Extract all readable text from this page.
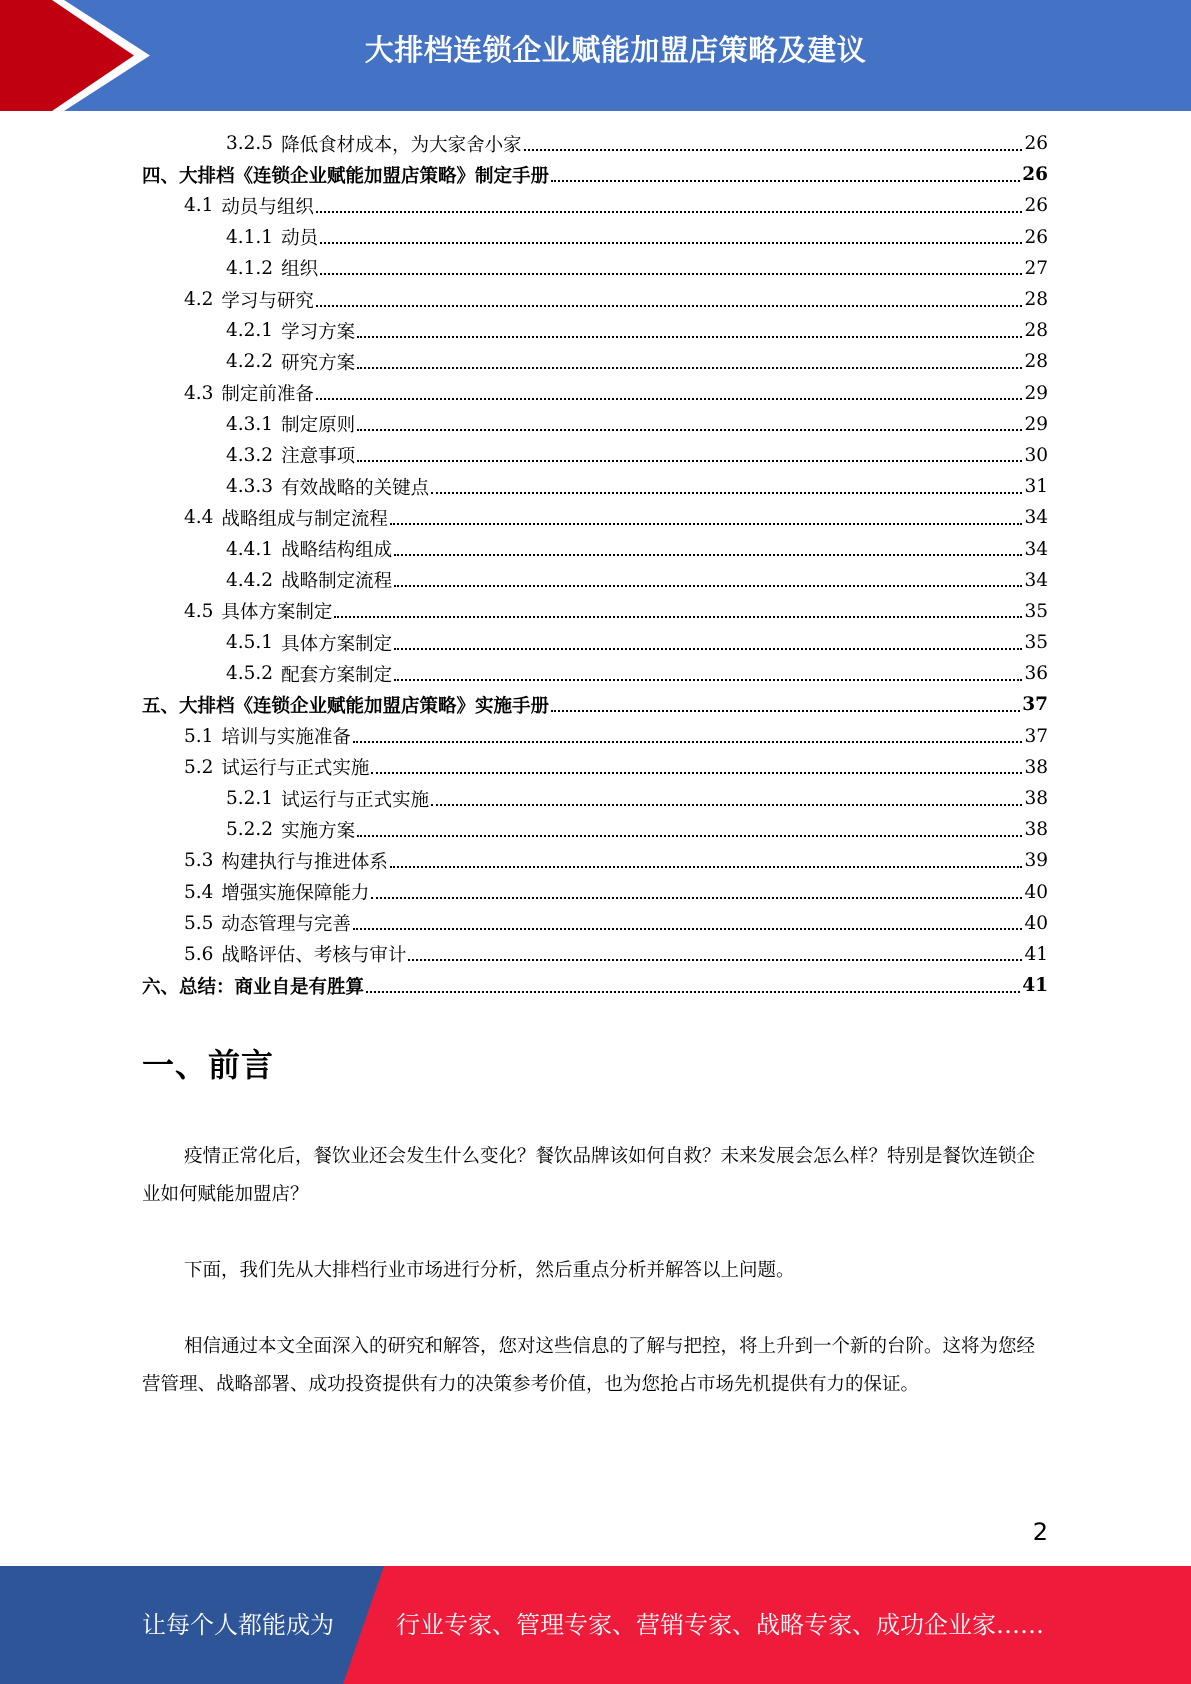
大排档连锁企业赋能加盟店策略及建议
3.2.5 降低食材成本，为大家舍小家	26
四、大排档《连锁企业赋能加盟店策略》制定手册	26
4.1 动员与组织	26
4.1.1 动员	26
4.1.2 组织	27
4.2 学习与研究	28
4.2.1 学习方案	28
4.2.2 研究方案	28
4.3 制定前准备	29
4.3.1 制定原则	29
4.3.2 注意事项	30
4.3.3 有效战略的关键点	31
4.4 战略组成与制定流程	34
4.4.1 战略结构组成	34
4.4.2 战略制定流程	34
4.5 具体方案制定	35
4.5.1 具体方案制定	35
4.5.2 配套方案制定	36
五、大排档《连锁企业赋能加盟店策略》实施手册	37
5.1 培训与实施准备	37
5.2 试运行与正式实施	38
5.2.1 试运行与正式实施	38
5.2.2 实施方案	38
5.3 构建执行与推进体系	39
5.4 增强实施保障能力	40
5.5 动态管理与完善	40
5.6 战略评估、考核与审计	41
六、总结：商业自是有胜算	41
一、前言

疫情正常化后，餐饮业还会发生什么变化？餐饮品牌该如何自救？未来发展会怎么样？特别是餐饮连锁企业如何赋能加盟店？

下面，我们先从大排档行业市场进行分析，然后重点分析并解答以上问题。

相信通过本文全面深入的研究和解答，您对这些信息的了解与把控，将上升到一个新的台阶。这将为您经营管理、战略部署、成功投资提供有力的决策参考价值，也为您抢占市场先机提供有力的保证。

2
让每个人都能成为	行业专家、管理专家、营销专家、战略专家、成功企业家……
